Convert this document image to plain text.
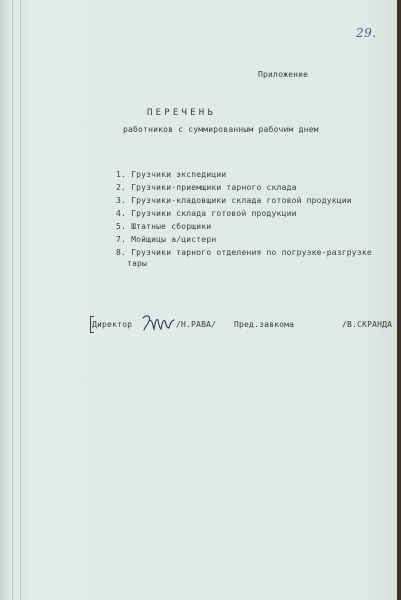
29.
Приложение
ПЕРЕЧЕНЬ
работников с суммированным рабочим днем
1. Грузчики экспедиции
2. Грузчики-приемщики тарного склада
3. Грузчики-кладовщики склада готовой продукции
4. Грузчики склада готовой продукции
5. Штатные сборщики
7. Мойщицы а/цистерн
8. Грузчики тарного отделения по погрузке-разгрузке
тары
Директор	/Н.РАВА/ Пред.завкома	/В.СКРАНДА
